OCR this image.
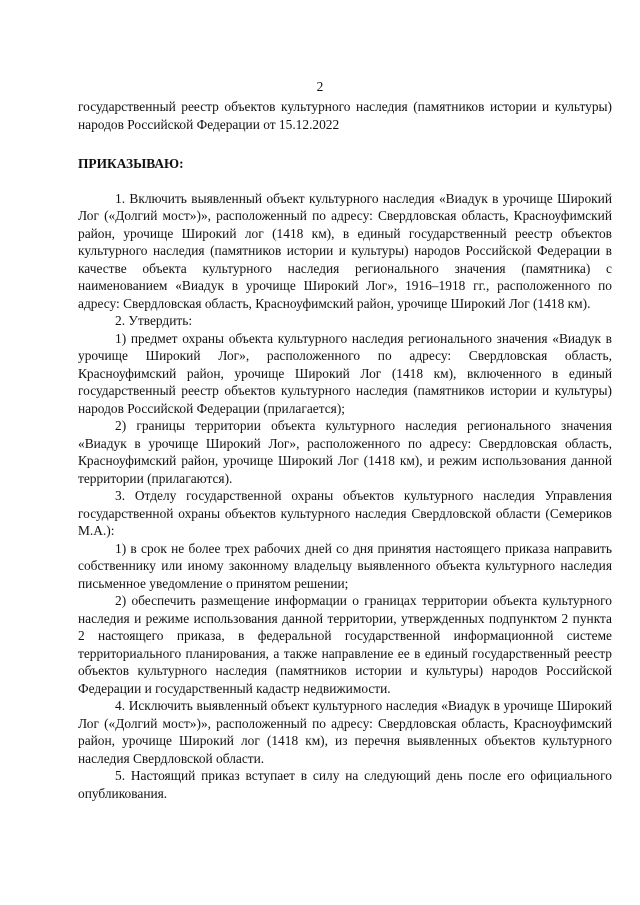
2

государственный реестр объектов культурного наследия (памятников истории и культуры) народов Российской Федерации от 15.12.2022

ПРИКАЗЫВАЮ:

1. Включить выявленный объект культурного наследия «Виадук в урочище Широкий Лог («Долгий мост»)», расположенный по адресу: Свердловская область, Красноуфимский район, урочище Широкий лог (1418 км), в единый государственный реестр объектов культурного наследия (памятников истории и культуры) народов Российской Федерации в качестве объекта культурного наследия регионального значения (памятника) с наименованием «Виадук в урочище Широкий Лог», 1916–1918 гг., расположенного по адресу: Свердловская область, Красноуфимский район, урочище Широкий Лог (1418 км).

2. Утвердить:

1) предмет охраны объекта культурного наследия регионального значения «Виадук в урочище Широкий Лог», расположенного по адресу: Свердловская область, Красноуфимский район, урочище Широкий Лог (1418 км), включенного в единый государственный реестр объектов культурного наследия (памятников истории и культуры) народов Российской Федерации (прилагается);

2) границы территории объекта культурного наследия регионального значения «Виадук в урочище Широкий Лог», расположенного по адресу: Свердловская область, Красноуфимский район, урочище Широкий Лог (1418 км), и режим использования данной территории (прилагаются).

3. Отделу государственной охраны объектов культурного наследия Управления государственной охраны объектов культурного наследия Свердловской области (Семериков М.А.):

1) в срок не более трех рабочих дней со дня принятия настоящего приказа направить собственнику или иному законному владельцу выявленного объекта культурного наследия письменное уведомление о принятом решении;

2) обеспечить размещение информации о границах территории объекта культурного наследия и режиме использования данной территории, утвержденных подпунктом 2 пункта 2 настоящего приказа, в федеральной государственной информационной системе территориального планирования, а также направление ее в единый государственный реестр объектов культурного наследия (памятников истории и культуры) народов Российской Федерации и государственный кадастр недвижимости.

4. Исключить выявленный объект культурного наследия «Виадук в урочище Широкий Лог («Долгий мост»)», расположенный по адресу: Свердловская область, Красноуфимский район, урочище Широкий лог (1418 км), из перечня выявленных объектов культурного наследия Свердловской области.

5. Настоящий приказ вступает в силу на следующий день после его официального опубликования.
